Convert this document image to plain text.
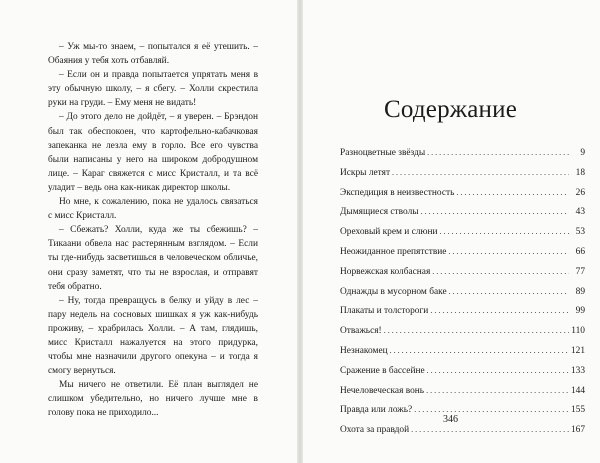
– Уж мы-то знаем, – попытался я её утешить. – Обаяния у тебя хоть отбавляй.

– Если он и правда попытается упрятать меня в эту обычную школу, – я сбегу. – Холли скрестила руки на груди. – Ему меня не видать!

– До этого дело не дойдёт, – я уверен. – Брэндон был так обеспокоен, что картофельно-кабачковая запеканка не лезла ему в горло. Все его чувства были написаны у него на широком добродушном лице. – Караг свяжется с мисс Кристалл, и та всё уладит – ведь она как-никак директор школы.

Но мне, к сожалению, пока не удалось связаться с мисс Кристалл.

– Сбежать? Холли, куда же ты сбежишь? – Тикаани обвела нас растерянным взглядом. – Если ты где-нибудь засветишься в человеческом обличье, они сразу заметят, что ты не взрослая, и отправят тебя обратно.

– Ну, тогда превращусь в белку и уйду в лес – пару недель на сосновых шишках я уж как-нибудь проживу, – храбрилась Холли. – А там, глядишь, мисс Кристалл нажалуется на этого придурка, чтобы мне назначили другого опекуна – и тогда я смогу вернуться.

Мы ничего не ответили. Её план выглядел не слишком убедительно, но ничего лучше мне в голову пока не приходило...

Содержание
Разноцветные звёзды . . .	9
Искры летят . . .	18
Экспедиция в неизвестность . . .	26
Дымящиеся стволы . . .	43
Ореховый крем и слюни . . .	53
Неожиданное препятствие . . .	66
Норвежская колбасная . . .	77
Однажды в мусорном баке . . .	89
Плакаты и толстороги . . .	99
Отважься! . . .	110
Незнакомец . . .	121
Сражение в бассейне . . .	133
Нечеловеческая вонь . . .	144
Правда или ложь? . . .	155
Охота за правдой . . .	167
346
